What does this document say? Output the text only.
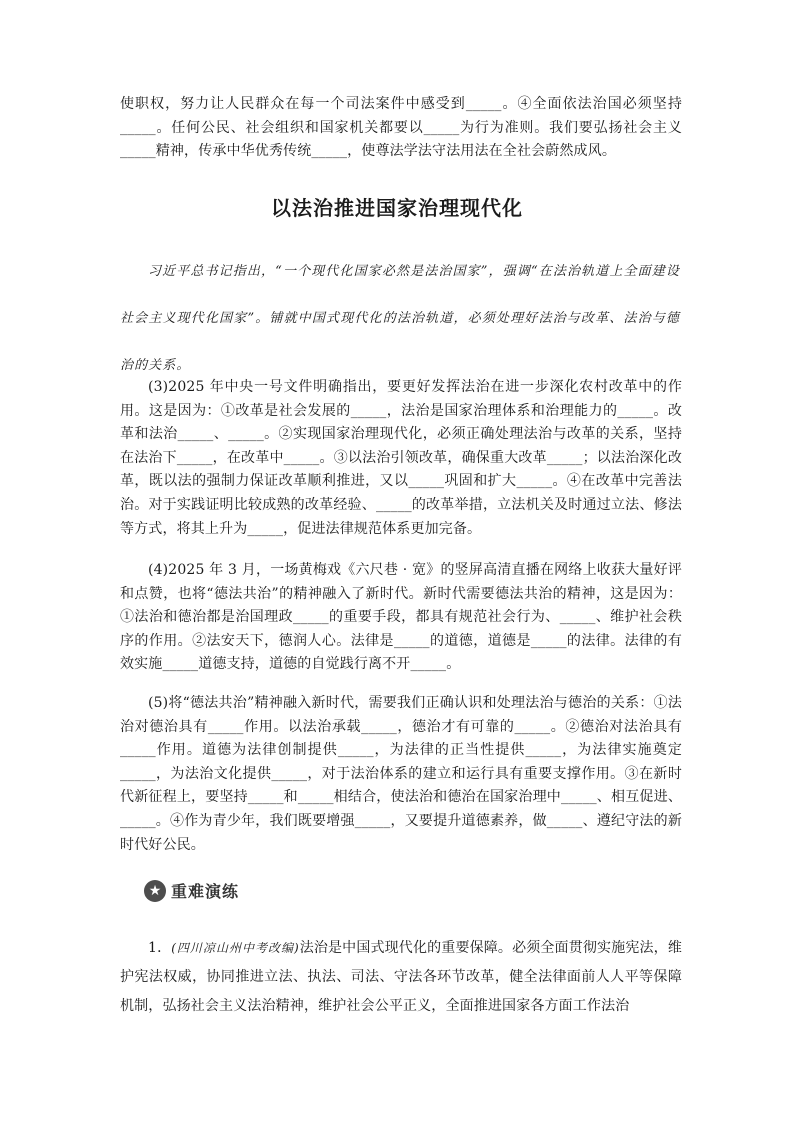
使职权，努力让人民群众在每一个司法案件中感受到_____。④全面依法治国必须坚持_____。任何公民、社会组织和国家机关都要以_____为行为准则。我们要弘扬社会主义_____精神，传承中华优秀传统_____，使尊法学法守法用法在全社会蔚然成风。

以法治推进国家治理现代化

习近平总书记指出，“一个现代化国家必然是法治国家”，强调“在法治轨道上全面建设社会主义现代化国家”。铺就中国式现代化的法治轨道，必须处理好法治与改革、法治与德治的关系。

(3)2025 年中央一号文件明确指出，要更好发挥法治在进一步深化农村改革中的作用。这是因为：①改革是社会发展的_____，法治是国家治理体系和治理能力的_____。改革和法治_____、_____。②实现国家治理现代化，必须正确处理法治与改革的关系，坚持在法治下_____，在改革中_____。③以法治引领改革，确保重大改革_____；以法治深化改革，既以法的强制力保证改革顺利推进，又以_____巩固和扩大_____。④在改革中完善法治。对于实践证明比较成熟的改革经验、_____的改革举措，立法机关及时通过立法、修法等方式，将其上升为_____，促进法律规范体系更加完备。

(4)2025 年 3 月，一场黄梅戏《六尺巷 · 宽》的竖屏高清直播在网络上收获大量好评和点赞，也将“德法共治”的精神融入了新时代。新时代需要德法共治的精神，这是因为：①法治和德治都是治国理政_____的重要手段，都具有规范社会行为、_____、维护社会秩序的作用。②法安天下，德润人心。法律是_____的道德，道德是_____的法律。法律的有效实施_____道德支持，道德的自觉践行离不开_____。

(5)将“德法共治”精神融入新时代，需要我们正确认识和处理法治与德治的关系：①法治对德治具有_____作用。以法治承载_____，德治才有可靠的_____。②德治对法治具有_____作用。道德为法律创制提供_____，为法律的正当性提供_____，为法律实施奠定_____，为法治文化提供_____，对于法治体系的建立和运行具有重要支撑作用。③在新时代新征程上，要坚持_____和_____相结合，使法治和德治在国家治理中_____、相互促进、_____。④作为青少年，我们既要增强_____，又要提升道德素养，做_____、遵纪守法的新时代好公民。

★ 重难演练

1．(四川凉山州中考改编)法治是中国式现代化的重要保障。必须全面贯彻实施宪法，维护宪法权威，协同推进立法、执法、司法、守法各环节改革，健全法律面前人人平等保障机制，弘扬社会主义法治精神，维护社会公平正义，全面推进国家各方面工作法治
